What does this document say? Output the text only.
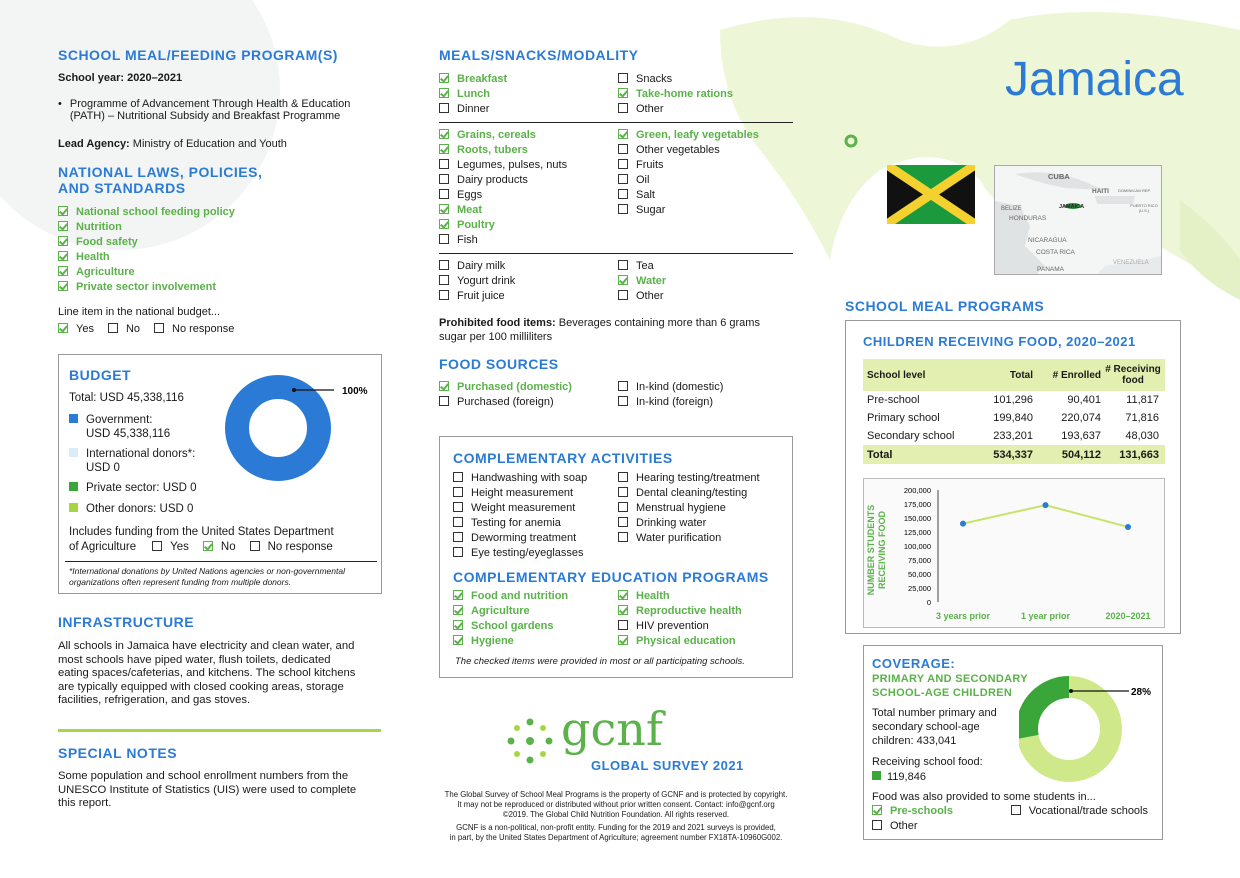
SCHOOL MEAL/FEEDING PROGRAM(S)
School year: 2020–2021
• Programme of Advancement Through Health & Education (PATH) – Nutritional Subsidy and Breakfast Programme
Lead Agency: Ministry of Education and Youth
NATIONAL LAWS, POLICIES,
AND STANDARDS
National school feeding policy
Nutrition
Food safety
Health
Agriculture
Private sector involvement
Line item in the national budget...
Yes	No	No response
BUDGET
Total: USD 45,338,116
Government:
USD 45,338,116
International donors*:
USD 0
Private sector: USD 0
Other donors: USD 0
100%
Includes funding from the United States Department
of Agriculture	Yes	No	No response
*International donations by United Nations agencies or non-governmental
organizations often represent funding from multiple donors.
INFRASTRUCTURE
All schools in Jamaica have electricity and clean water, and
most schools have piped water, flush toilets, dedicated
eating spaces/cafeterias, and kitchens. The school kitchens
are typically equipped with closed cooking areas, storage
facilities, refrigeration, and gas stoves.
SPECIAL NOTES
Some population and school enrollment numbers from the
UNESCO Institute of Statistics (UIS) were used to complete
this report.
MEALS/SNACKS/MODALITY
Breakfast
Lunch
Dinner
Snacks
Take-home rations
Other
Grains, cereals
Roots, tubers
Legumes, pulses, nuts
Dairy products
Eggs
Meat
Poultry
Fish
Green, leafy vegetables
Other vegetables
Fruits
Oil
Salt
Sugar
Dairy milk
Yogurt drink
Fruit juice
Tea
Water
Other
Prohibited food items: Beverages containing more than 6 grams
sugar per 100 milliliters
FOOD SOURCES
Purchased (domestic)
Purchased (foreign)
In-kind (domestic)
In-kind (foreign)
COMPLEMENTARY ACTIVITIES
Handwashing with soap
Height measurement
Weight measurement
Testing for anemia
Deworming treatment
Eye testing/eyeglasses
Hearing testing/treatment
Dental cleaning/testing
Menstrual hygiene
Drinking water
Water purification
COMPLEMENTARY EDUCATION PROGRAMS
Food and nutrition
Agriculture
School gardens
Hygiene
Health
Reproductive health
HIV prevention
Physical education
The checked items were provided in most or all participating schools.
gcnf
GLOBAL SURVEY 2021
The Global Survey of School Meal Programs is the property of GCNF and is protected by copyright.
It may not be reproduced or distributed without prior written consent. Contact: info@gcnf.org
©2019. The Global Child Nutrition Foundation. All rights reserved.
GCNF is a non-political, non-profit entity. Funding for the 2019 and 2021 surveys is provided,
in part, by the United States Department of Agriculture; agreement number FX18TA-10960G002.
Jamaica
CUBA
HAITI DOMINICAN REP.
PUERTO RICO (U.S.)
BELIZE	JAMAICA
HONDURAS
NICARAGUA
COSTA RICA
PANAMA
VENEZUELA
SCHOOL MEAL PROGRAMS
CHILDREN RECEIVING FOOD, 2020–2021
School level	Total	# Enrolled	# Receiving food
Pre-school	101,296	90,401	11,817
Primary school	199,840	220,074	71,816
Secondary school	233,201	193,637	48,030
Total	534,337	504,112	131,663
200,000
175,000
150,000
125,000
100,000
75,000
50,000
25,000
0
3 years prior	1 year prior	2020–2021
NUMBER STUDENTSRECEIVING FOOD
COVERAGE:
PRIMARY AND SECONDARY
SCHOOL-AGE CHILDREN
Total number primary and
secondary school-age
children: 433,041
Receiving school food:
119,846
28%
Food was also provided to some students in...
Pre-schools	Vocational/trade schools
Other
